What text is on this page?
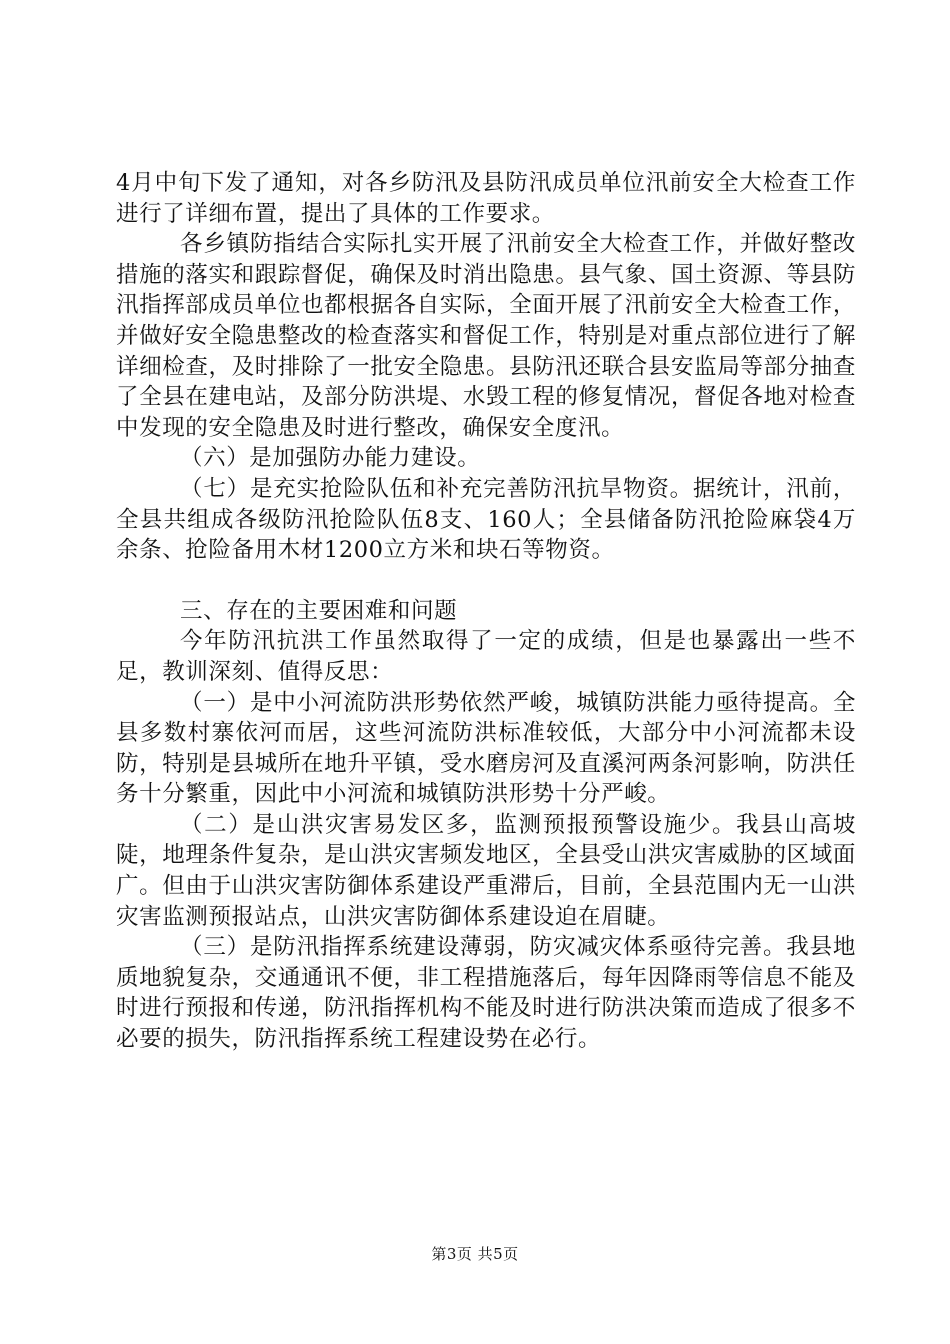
4月中旬下发了通知，对各乡防汛及县防汛成员单位汛前安全大检查工作进行了详细布置，提出了具体的工作要求。

各乡镇防指结合实际扎实开展了汛前安全大检查工作，并做好整改措施的落实和跟踪督促，确保及时消出隐患。县气象、国土资源、等县防汛指挥部成员单位也都根据各自实际，全面开展了汛前安全大检查工作，并做好安全隐患整改的检查落实和督促工作，特别是对重点部位进行了解详细检查，及时排除了一批安全隐患。县防汛还联合县安监局等部分抽查了全县在建电站，及部分防洪堤、水毁工程的修复情况，督促各地对检查中发现的安全隐患及时进行整改，确保安全度汛。

（六）是加强防办能力建设。

（七）是充实抢险队伍和补充完善防汛抗旱物资。据统计，汛前，全县共组成各级防汛抢险队伍8支、160人；全县储备防汛抢险麻袋4万余条、抢险备用木材1200立方米和块石等物资。

三、存在的主要困难和问题

今年防汛抗洪工作虽然取得了一定的成绩，但是也暴露出一些不足，教训深刻、值得反思：

（一）是中小河流防洪形势依然严峻，城镇防洪能力亟待提高。全县多数村寨依河而居，这些河流防洪标准较低，大部分中小河流都未设防，特别是县城所在地升平镇，受水磨房河及直溪河两条河影响，防洪任务十分繁重，因此中小河流和城镇防洪形势十分严峻。

（二）是山洪灾害易发区多，监测预报预警设施少。我县山高坡陡，地理条件复杂，是山洪灾害频发地区，全县受山洪灾害威胁的区域面广。但由于山洪灾害防御体系建设严重滞后，目前，全县范围内无一山洪灾害监测预报站点，山洪灾害防御体系建设迫在眉睫。

（三）是防汛指挥系统建设薄弱，防灾减灾体系亟待完善。我县地质地貌复杂，交通通讯不便，非工程措施落后，每年因降雨等信息不能及时进行预报和传递，防汛指挥机构不能及时进行防洪决策而造成了很多不必要的损失，防汛指挥系统工程建设势在必行。

第3页 共5页
